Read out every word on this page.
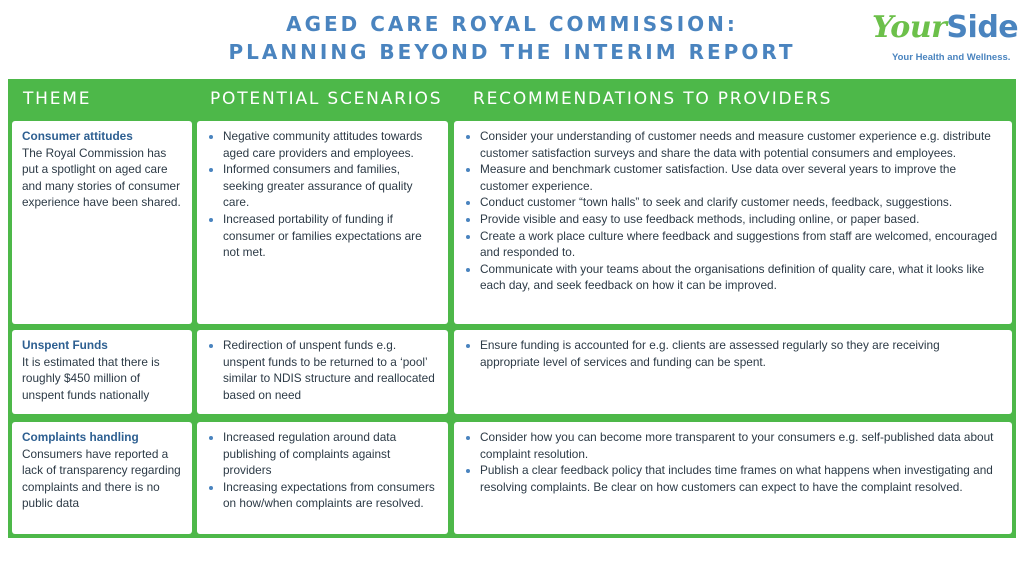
AGED CARE ROYAL COMMISSION:
PLANNING BEYOND THE INTERIM REPORT
YourSide
Your Health and Wellness.
THEME	POTENTIAL SCENARIOS RECOMMENDATIONS TO PROVIDERS
Consumer attitudes
The Royal Commission has put a spotlight on aged care and many stories of consumer experience have been shared.
• Negative community attitudes towards aged care providers and employees.
• Informed consumers and families, seeking greater assurance of quality care.
• Increased portability of funding if consumer or families expectations are not met.
• Consider your understanding of customer needs and measure customer experience e.g. distribute customer satisfaction surveys and share the data with potential consumers and employees.
• Measure and benchmark customer satisfaction. Use data over several years to improve the customer experience.
• Conduct customer “town halls” to seek and clarify customer needs, feedback, suggestions.
• Provide visible and easy to use feedback methods, including online, or paper based.
• Create a work place culture where feedback and suggestions from staff are welcomed, encouraged and responded to.
• Communicate with your teams about the organisations definition of quality care, what it looks like each day, and seek feedback on how it can be improved.
Unspent Funds
It is estimated that there is roughly $450 million of unspent funds nationally
• Redirection of unspent funds e.g. unspent funds to be returned to a ‘pool’ similar to NDIS structure and reallocated based on need
• Ensure funding is accounted for e.g. clients are assessed regularly so they are receiving appropriate level of services and funding can be spent.
Complaints handling
Consumers have reported a lack of transparency regarding complaints and there is no public data
• Increased regulation around data publishing of complaints against providers
• Increasing expectations from consumers on how/when complaints are resolved.
• Consider how you can become more transparent to your consumers e.g. self-published data about complaint resolution.
• Publish a clear feedback policy that includes time frames on what happens when investigating and resolving complaints. Be clear on how customers can expect to have the complaint resolved.
